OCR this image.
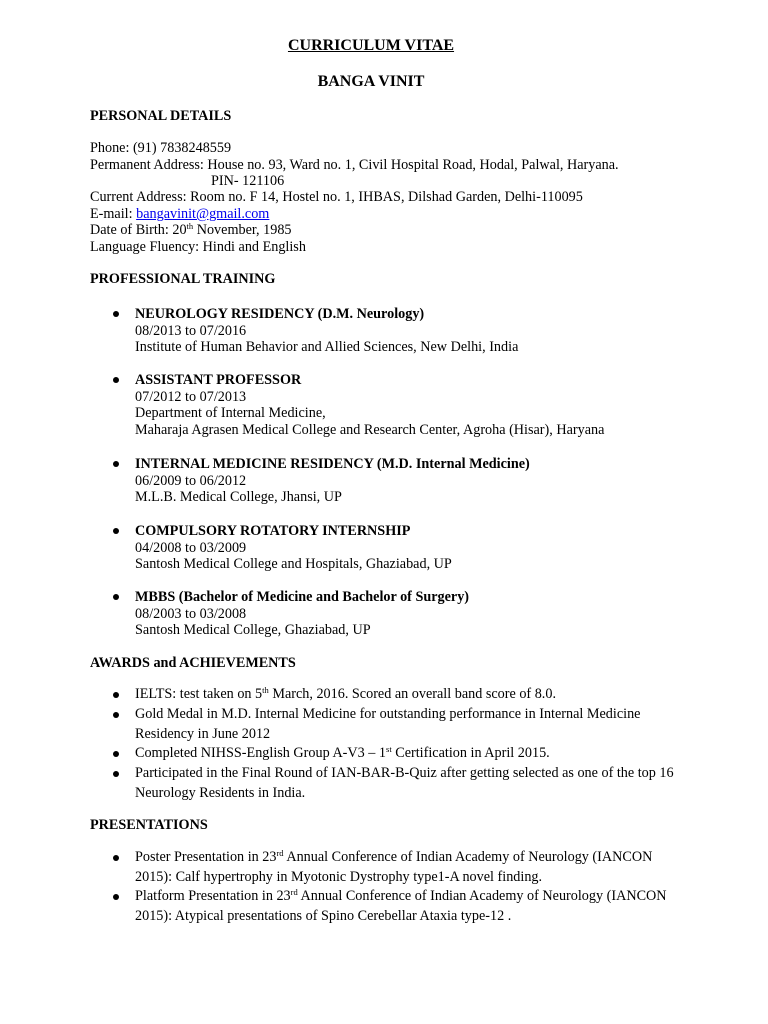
CURRICULUM VITAE
BANGA VINIT
PERSONAL DETAILS
Phone: (91) 7838248559
Permanent Address: House no. 93, Ward no. 1, Civil Hospital Road, Hodal, Palwal, Haryana.
PIN- 121106
Current Address: Room no. F 14, Hostel no. 1, IHBAS, Dilshad Garden, Delhi-110095
E-mail: bangavinit@gmail.com
Date of Birth: 20th November, 1985
Language Fluency: Hindi and English
PROFESSIONAL TRAINING
NEUROLOGY RESIDENCY (D.M. Neurology)
08/2013 to 07/2016
Institute of Human Behavior and Allied Sciences, New Delhi, India
ASSISTANT PROFESSOR
07/2012 to 07/2013
Department of Internal Medicine,
Maharaja Agrasen Medical College and Research Center, Agroha (Hisar), Haryana
INTERNAL MEDICINE RESIDENCY (M.D. Internal Medicine)
06/2009 to 06/2012
M.L.B. Medical College, Jhansi, UP
COMPULSORY ROTATORY INTERNSHIP
04/2008 to 03/2009
Santosh Medical College and Hospitals, Ghaziabad, UP
MBBS (Bachelor of Medicine and Bachelor of Surgery)
08/2003 to 03/2008
Santosh Medical College, Ghaziabad, UP
AWARDS and ACHIEVEMENTS
IELTS: test taken on 5th March, 2016. Scored an overall band score of 8.0.
Gold Medal in M.D. Internal Medicine for outstanding performance in Internal Medicine Residency in June 2012
Completed NIHSS-English Group A-V3 – 1st Certification in April 2015.
Participated in the Final Round of IAN-BAR-B-Quiz after getting selected as one of the top 16 Neurology Residents in India.
PRESENTATIONS
Poster Presentation in 23rd Annual Conference of Indian Academy of Neurology (IANCON 2015): Calf hypertrophy in Myotonic Dystrophy type1-A novel finding.
Platform Presentation in 23rd Annual Conference of Indian Academy of Neurology (IANCON 2015): Atypical presentations of Spino Cerebellar Ataxia type-12 .
